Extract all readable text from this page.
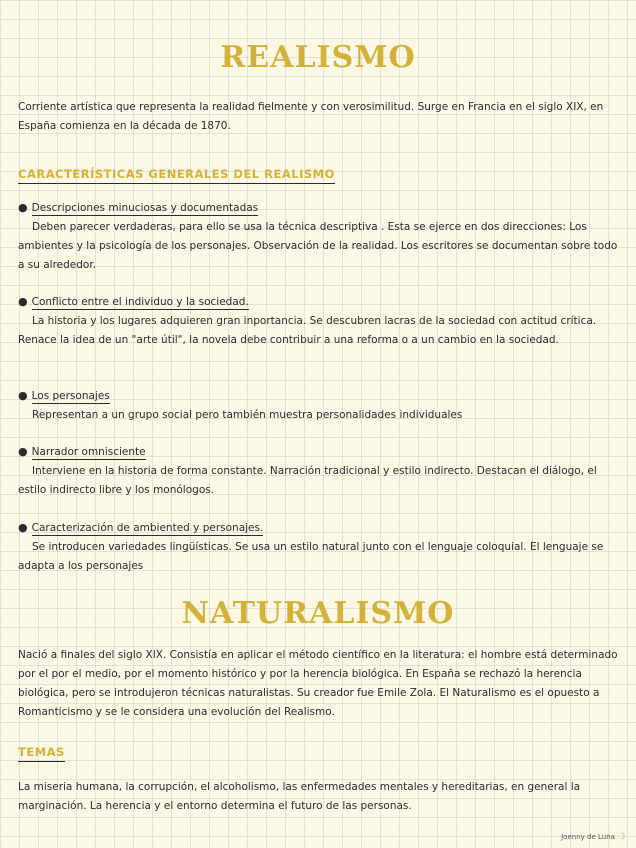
REALISMO

Corriente artística que representa la realidad fielmente y con verosimilitud. Surge en Francia en el siglo XIX, en España comienza en la década de 1870.

CARACTERÍSTICAS GENERALES DEL REALISMO
● Descripciones minuciosas y documentadas

Deben parecer verdaderas, para ello se usa la técnica descriptiva . Esta se ejerce en dos direcciones: Los ambientes y la psicología de los personajes. Observación de la realidad. Los escritores se documentan sobre todo a su alrededor.

● Conflicto entre el individuo y la sociedad.

La historia y los lugares adquieren gran inportancia. Se descubren lacras de la sociedad con actitud crítica. Renace la idea de un "arte útil", la novela debe contribuir a una reforma o a un cambio en la sociedad.

● Los personajes

Representan a un grupo social pero también muestra personalidades individuales

● Narrador omnisciente

Interviene en la historia de forma constante. Narración tradicional y estilo indirecto. Destacan el diálogo, el estilo indirecto libre y los monólogos.

● Caracterización de ambiented y personajes.

Se introducen variedades lingüísticas. Se usa un estilo natural junto con el lenguaje coloquial. El lenguaje se adapta a los personajes

NATURALISMO

Nació a finales del siglo XIX. Consistía en aplicar el método científico en la literatura: el hombre está determinado por el por el medio, por el momento histórico y por la herencia biológica. En España se rechazó la herencia biológica, pero se introdujeron técnicas naturalistas. Su creador fue Emile Zola. El Naturalismo es el opuesto a Romanticismo y se le considera una evolución del Realismo.

TEMAS

La miseria humana, la corrupción, el alcoholismo, las enfermedades mentales y hereditarias, en general la marginación. La herencia y el entorno determina el futuro de las personas.

Joenny de Luna ☽
